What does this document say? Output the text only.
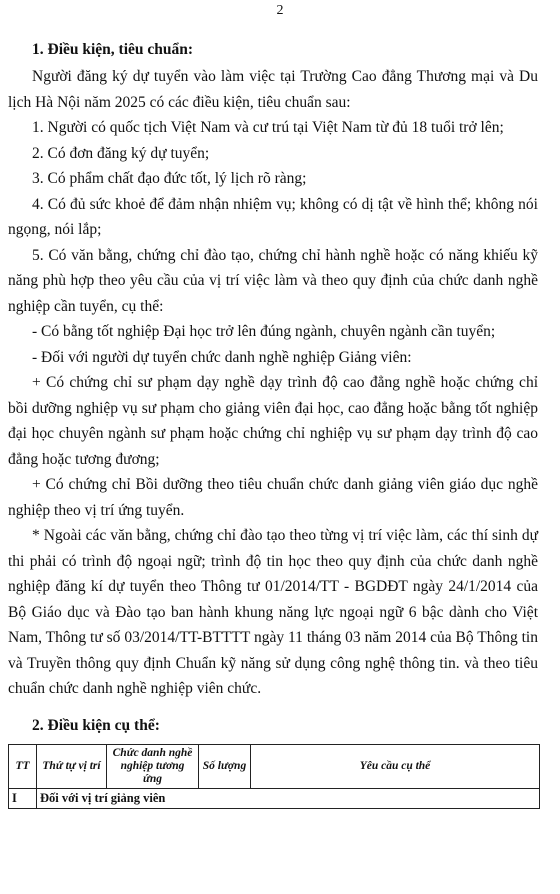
2
1. Điều kiện, tiêu chuẩn:

Người đăng ký dự tuyển vào làm việc tại Trường Cao đẳng Thương mại và Du lịch Hà Nội năm 2025 có các điều kiện, tiêu chuẩn sau:

1. Người có quốc tịch Việt Nam và cư trú tại Việt Nam từ đủ 18 tuổi trở lên;

2. Có đơn đăng ký dự tuyển;

3. Có phẩm chất đạo đức tốt, lý lịch rõ ràng;

4. Có đủ sức khoẻ để đảm nhận nhiệm vụ; không có dị tật về hình thể; không nói ngọng, nói lắp;

5. Có văn bằng, chứng chỉ đào tạo, chứng chỉ hành nghề hoặc có năng khiếu kỹ năng phù hợp theo yêu cầu của vị trí việc làm và theo quy định của chức danh nghề nghiệp cần tuyển, cụ thể:

- Có bằng tốt nghiệp Đại học trở lên đúng ngành, chuyên ngành cần tuyển;

- Đối với người dự tuyển chức danh nghề nghiệp Giảng viên:

+ Có chứng chỉ sư phạm dạy nghề dạy trình độ cao đẳng nghề hoặc chứng chỉ bồi dưỡng nghiệp vụ sư phạm cho giảng viên đại học, cao đẳng hoặc bằng tốt nghiệp đại học chuyên ngành sư phạm hoặc chứng chỉ nghiệp vụ sư phạm dạy trình độ cao đẳng hoặc tương đương;

+ Có chứng chỉ Bồi dưỡng theo tiêu chuẩn chức danh giảng viên giáo dục nghề nghiệp theo vị trí ứng tuyển.

* Ngoài các văn bằng, chứng chỉ đào tạo theo từng vị trí việc làm, các thí sinh dự thi phải có trình độ ngoại ngữ; trình độ tin học theo quy định của chức danh nghề nghiệp đăng kí dự tuyển theo Thông tư 01/2014/TT - BGDĐT ngày 24/1/2014 của Bộ Giáo dục và Đào tạo ban hành khung năng lực ngoại ngữ 6 bậc dành cho Việt Nam, Thông tư số 03/2014/TT-BTTTT ngày 11 tháng 03 năm 2014 của Bộ Thông tin và Truyền thông quy định Chuẩn kỹ năng sử dụng công nghệ thông tin. và theo tiêu chuẩn chức danh nghề nghiệp viên chức.

2. Điều kiện cụ thể:
TT	Thứ tự vị trí	Chức danh nghề nghiệp tương ứng	Số lượng	Yêu cầu cụ thể
I	Đối với vị trí giảng viên			
